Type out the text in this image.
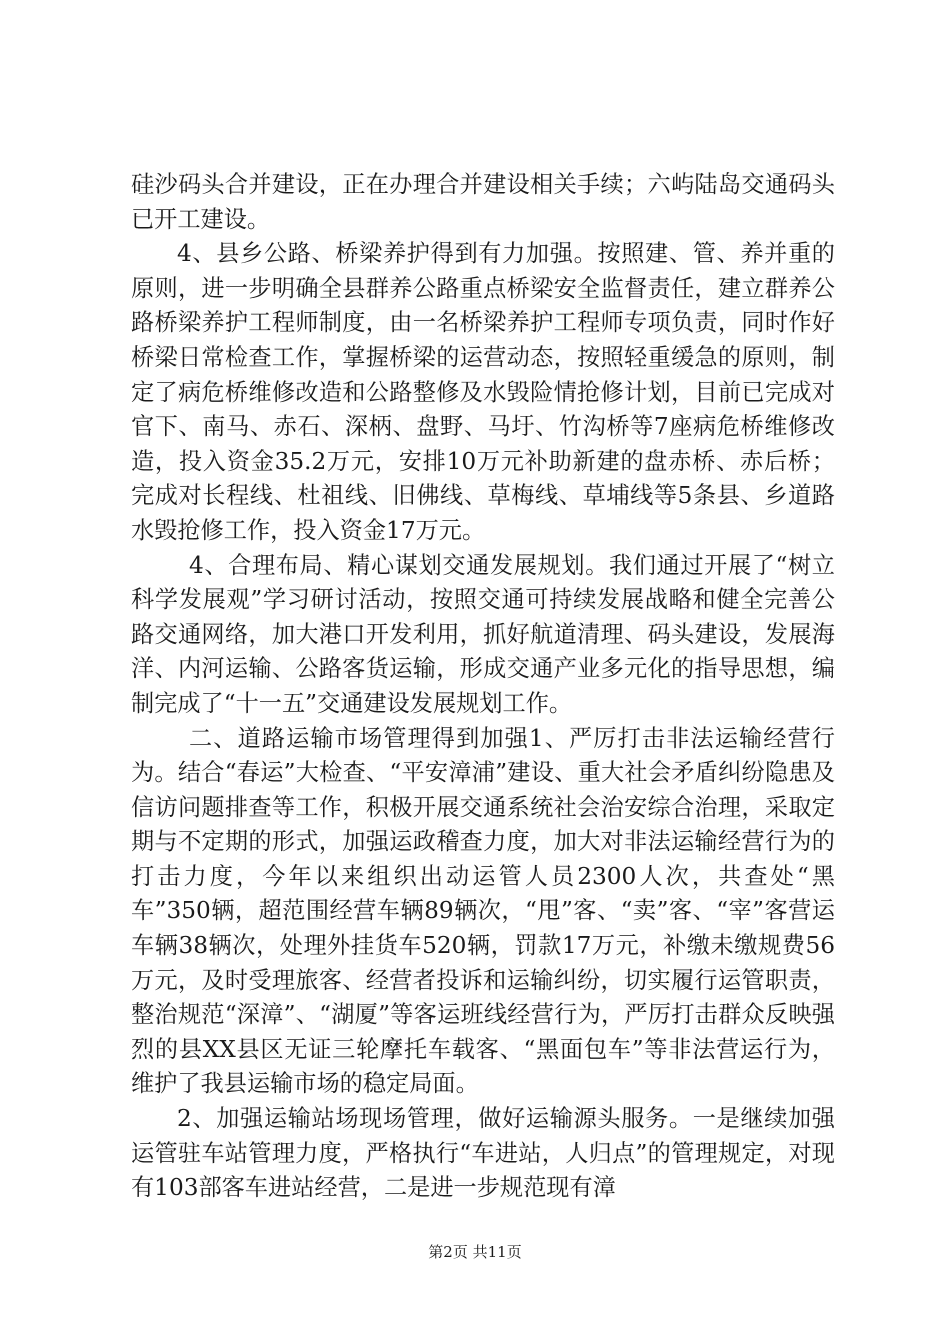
硅沙码头合并建设，正在办理合并建设相关手续；六屿陆岛交通码头已开工建设。

4、县乡公路、桥梁养护得到有力加强。按照建、管、养并重的原则，进一步明确全县群养公路重点桥梁安全监督责任，建立群养公路桥梁养护工程师制度，由一名桥梁养护工程师专项负责，同时作好桥梁日常检查工作，掌握桥梁的运营动态，按照轻重缓急的原则，制定了病危桥维修改造和公路整修及水毁险情抢修计划，目前已完成对官下、南马、赤石、深柄、盘野、马圩、竹沟桥等7座病危桥维修改造，投入资金35.2万元，安排10万元补助新建的盘赤桥、赤后桥；完成对长程线、杜祖线、旧佛线、草梅线、草埔线等5条县、乡道路水毁抢修工作，投入资金17万元。

4、合理布局、精心谋划交通发展规划。我们通过开展了“树立科学发展观”学习研讨活动，按照交通可持续发展战略和健全完善公路交通网络，加大港口开发利用，抓好航道清理、码头建设，发展海洋、内河运输、公路客货运输，形成交通产业多元化的指导思想，编制完成了“十一五”交通建设发展规划工作。

二、道路运输市场管理得到加强1、严厉打击非法运输经营行为。结合“春运”大检查、“平安漳浦”建设、重大社会矛盾纠纷隐患及信访问题排查等工作，积极开展交通系统社会治安综合治理，采取定期与不定期的形式，加强运政稽查力度，加大对非法运输经营行为的打击力度，今年以来组织出动运管人员2300人次，共查处“黑车”350辆，超范围经营车辆89辆次，“甩”客、“卖”客、“宰”客营运车辆38辆次，处理外挂货车520辆，罚款17万元，补缴未缴规费56万元，及时受理旅客、经营者投诉和运输纠纷，切实履行运管职责，整治规范“深漳”、“湖厦”等客运班线经营行为，严厉打击群众反映强烈的县XX县区无证三轮摩托车载客、“黑面包车”等非法营运行为，维护了我县运输市场的稳定局面。

2、加强运输站场现场管理，做好运输源头服务。一是继续加强运管驻车站管理力度，严格执行“车进站，人归点”的管理规定，对现有103部客车进站经营，二是进一步规范现有漳

第2页 共11页
